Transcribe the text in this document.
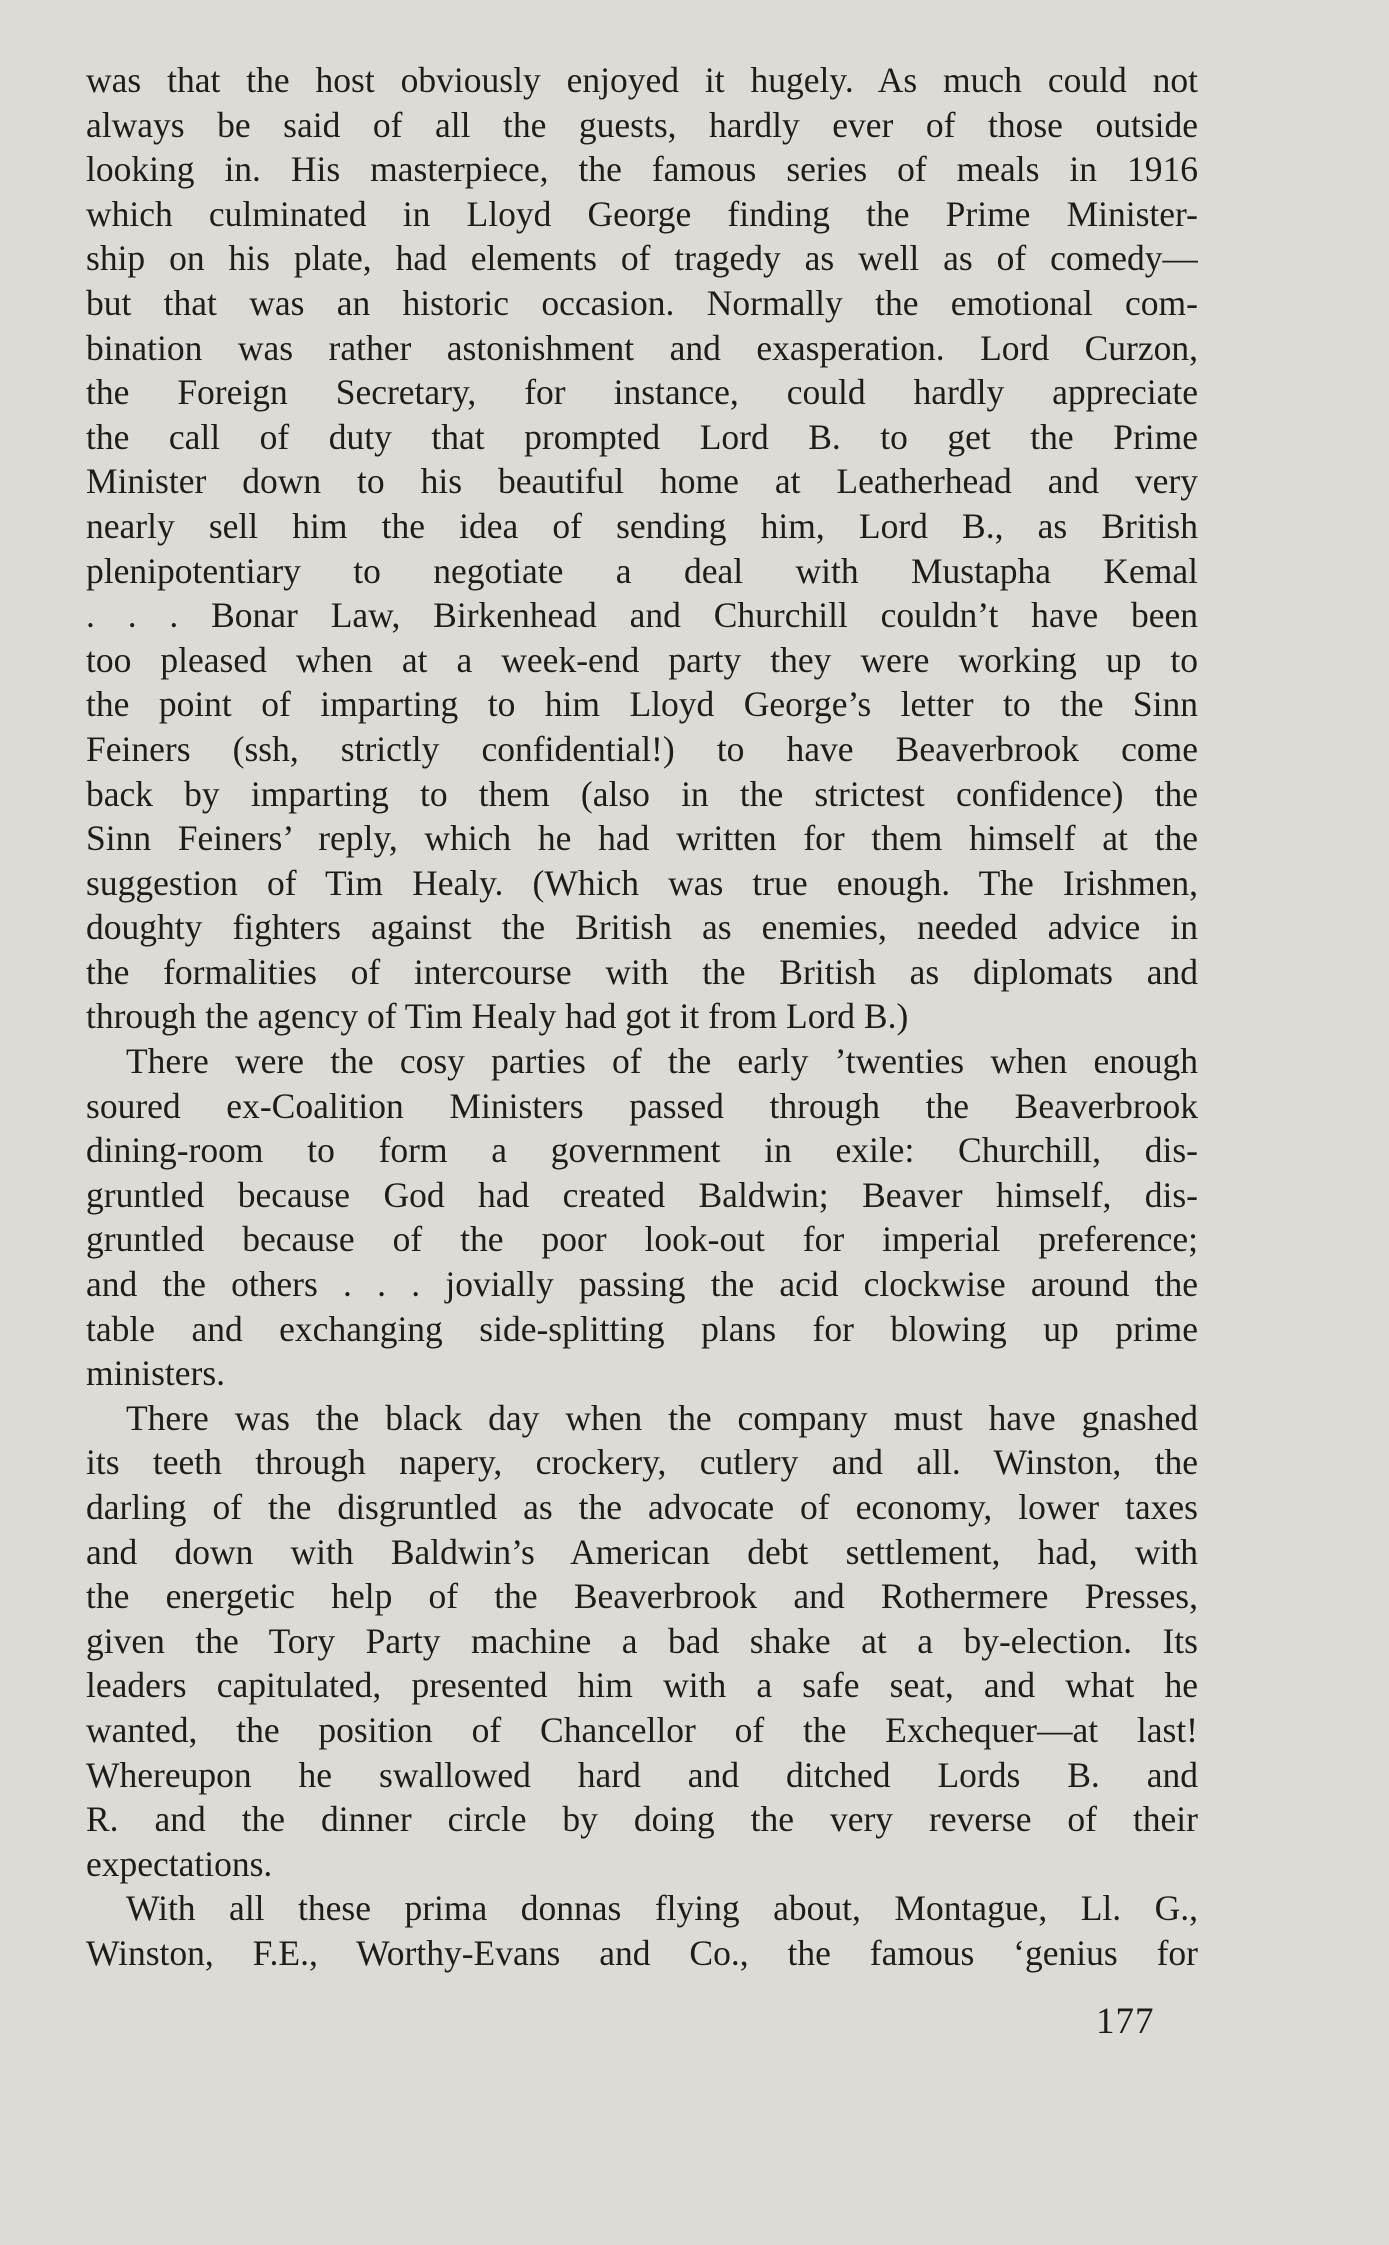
was that the host obviously enjoyed it hugely. As much could not
always be said of all the guests, hardly ever of those outside
looking in. His masterpiece, the famous series of meals in 1916
which culminated in Lloyd George finding the Prime Minister-
ship on his plate, had elements of tragedy as well as of comedy—
but that was an historic occasion. Normally the emotional com-
bination was rather astonishment and exasperation. Lord Curzon,
the Foreign Secretary, for instance, could hardly appreciate
the call of duty that prompted Lord B. to get the Prime
Minister down to his beautiful home at Leatherhead and very
nearly sell him the idea of sending him, Lord B., as British
plenipotentiary to negotiate a deal with Mustapha Kemal
. . . Bonar Law, Birkenhead and Churchill couldn’t have been
too pleased when at a week-end party they were working up to
the point of imparting to him Lloyd George’s letter to the Sinn
Feiners (ssh, strictly confidential!) to have Beaverbrook come
back by imparting to them (also in the strictest confidence) the
Sinn Feiners’ reply, which he had written for them himself at the
suggestion of Tim Healy. (Which was true enough. The Irishmen,
doughty fighters against the British as enemies, needed advice in
the formalities of intercourse with the British as diplomats and
through the agency of Tim Healy had got it from Lord B.)
There were the cosy parties of the early ’twenties when enough
soured ex-Coalition Ministers passed through the Beaverbrook
dining-room to form a government in exile: Churchill, dis-
gruntled because God had created Baldwin; Beaver himself, dis-
gruntled because of the poor look-out for imperial preference;
and the others . . . jovially passing the acid clockwise around the
table and exchanging side-splitting plans for blowing up prime
ministers.
There was the black day when the company must have gnashed
its teeth through napery, crockery, cutlery and all. Winston, the
darling of the disgruntled as the advocate of economy, lower taxes
and down with Baldwin’s American debt settlement, had, with
the energetic help of the Beaverbrook and Rothermere Presses,
given the Tory Party machine a bad shake at a by-election. Its
leaders capitulated, presented him with a safe seat, and what he
wanted, the position of Chancellor of the Exchequer—at last!
Whereupon he swallowed hard and ditched Lords B. and
R. and the dinner circle by doing the very reverse of their
expectations.
With all these prima donnas flying about, Montague, Ll. G.,
Winston, F.E., Worthy-Evans and Co., the famous ‘genius for
177
